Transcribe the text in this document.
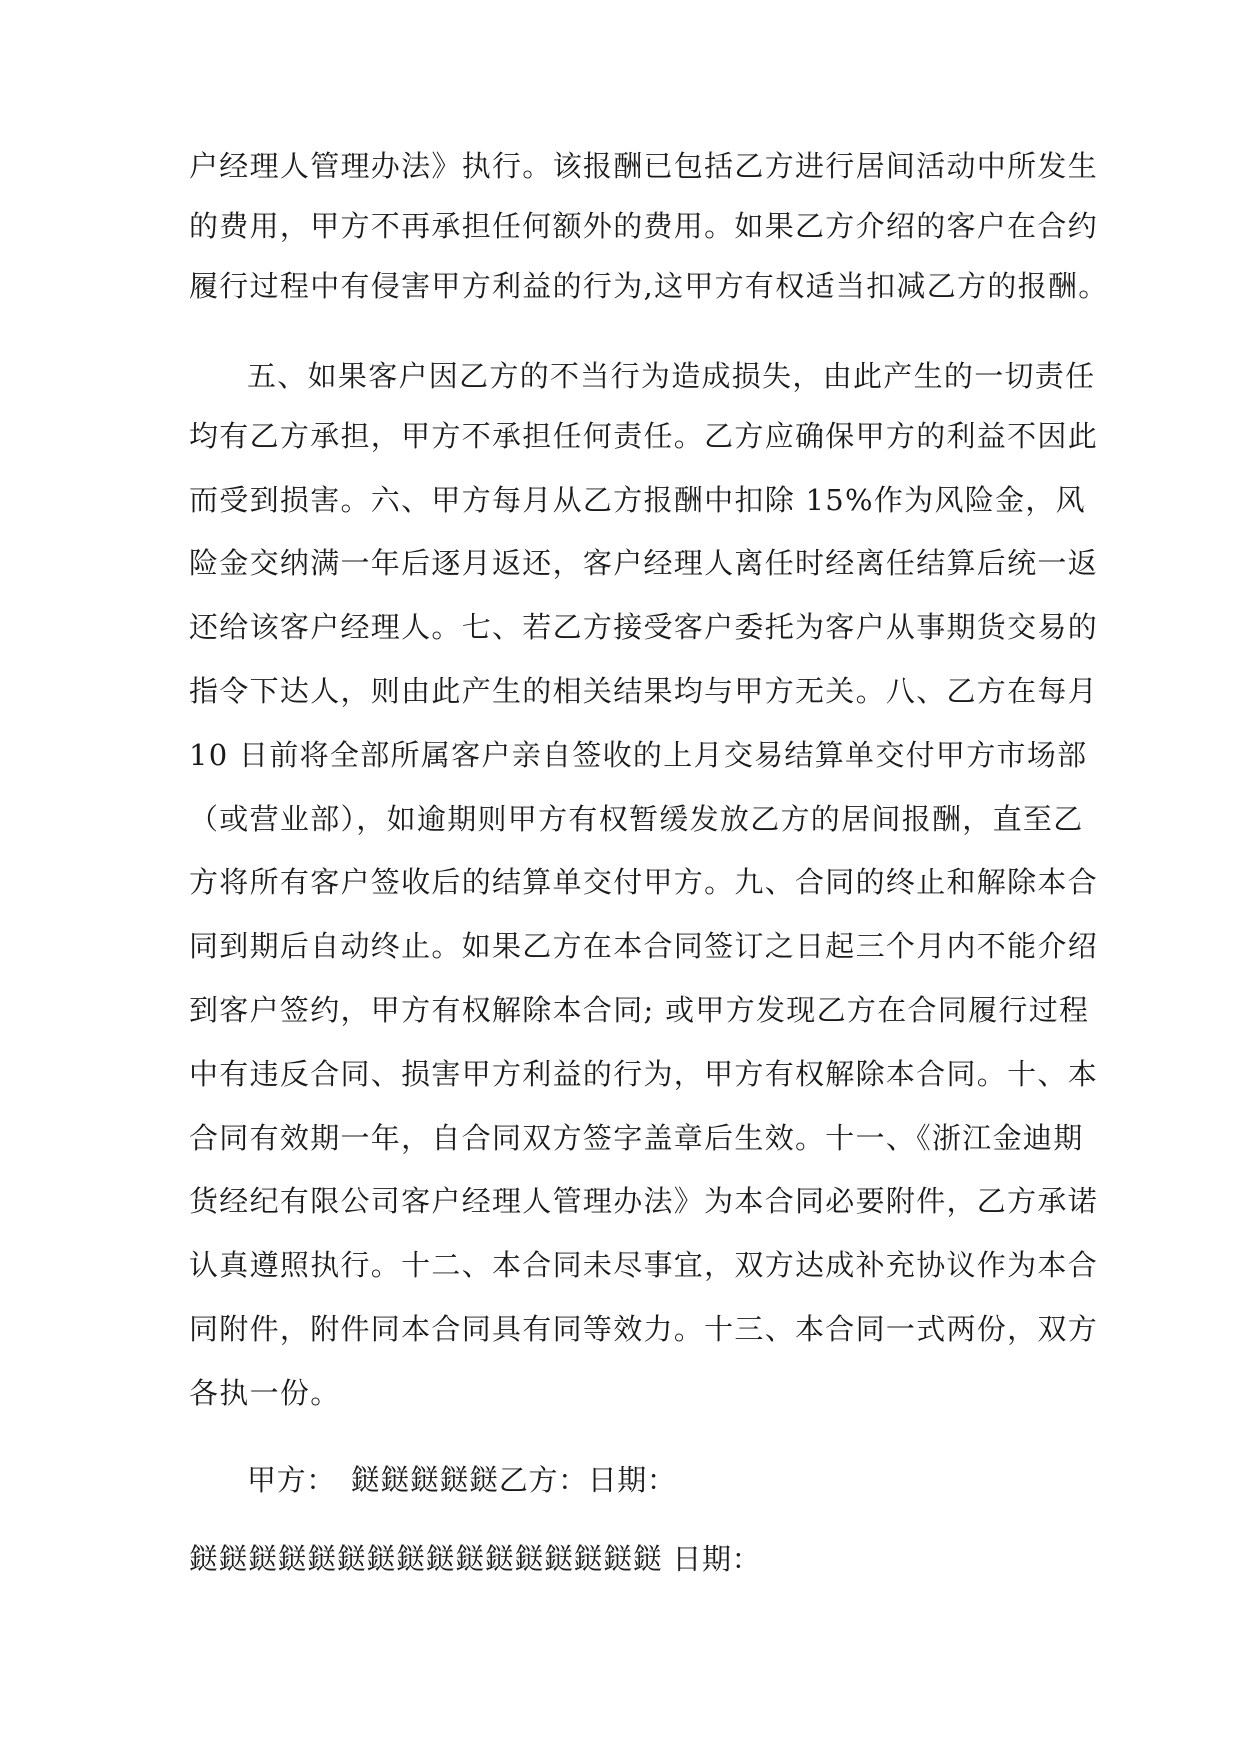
户经理人管理办法》执行。该报酬已包括乙方进行居间活动中所发生
的费用，甲方不再承担任何额外的费用。如果乙方介绍的客户在合约
履行过程中有侵害甲方利益的行为,这甲方有权适当扣减乙方的报酬。
五、如果客户因乙方的不当行为造成损失，由此产生的一切责任
均有乙方承担，甲方不承担任何责任。乙方应确保甲方的利益不因此
而受到损害。六、甲方每月从乙方报酬中扣除 15%作为风险金，风
险金交纳满一年后逐月返还，客户经理人离任时经离任结算后统一返
还给该客户经理人。七、若乙方接受客户委托为客户从事期货交易的
指令下达人，则由此产生的相关结果均与甲方无关。八、乙方在每月
10 日前将全部所属客户亲自签收的上月交易结算单交付甲方市场部
（或营业部），如逾期则甲方有权暂缓发放乙方的居间报酬，直至乙
方将所有客户签收后的结算单交付甲方。九、合同的终止和解除本合
同到期后自动终止。如果乙方在本合同签订之日起三个月内不能介绍
到客户签约，甲方有权解除本合同; 或甲方发现乙方在合同履行过程
中有违反合同、损害甲方利益的行为，甲方有权解除本合同。十、本
合同有效期一年，自合同双方签字盖章后生效。十一、《浙江金迪期
货经纪有限公司客户经理人管理办法》为本合同必要附件，乙方承诺
认真遵照执行。十二、本合同未尽事宜，双方达成补充协议作为本合
同附件，附件同本合同具有同等效力。十三、本合同一式两份，双方
各执一份。
甲方：　鎹鎹鎹鎹鎹乙方：日期：
鎹鎹鎹鎹鎹鎹鎹鎹鎹鎹鎹鎹鎹鎹鎹鎹 日期：
